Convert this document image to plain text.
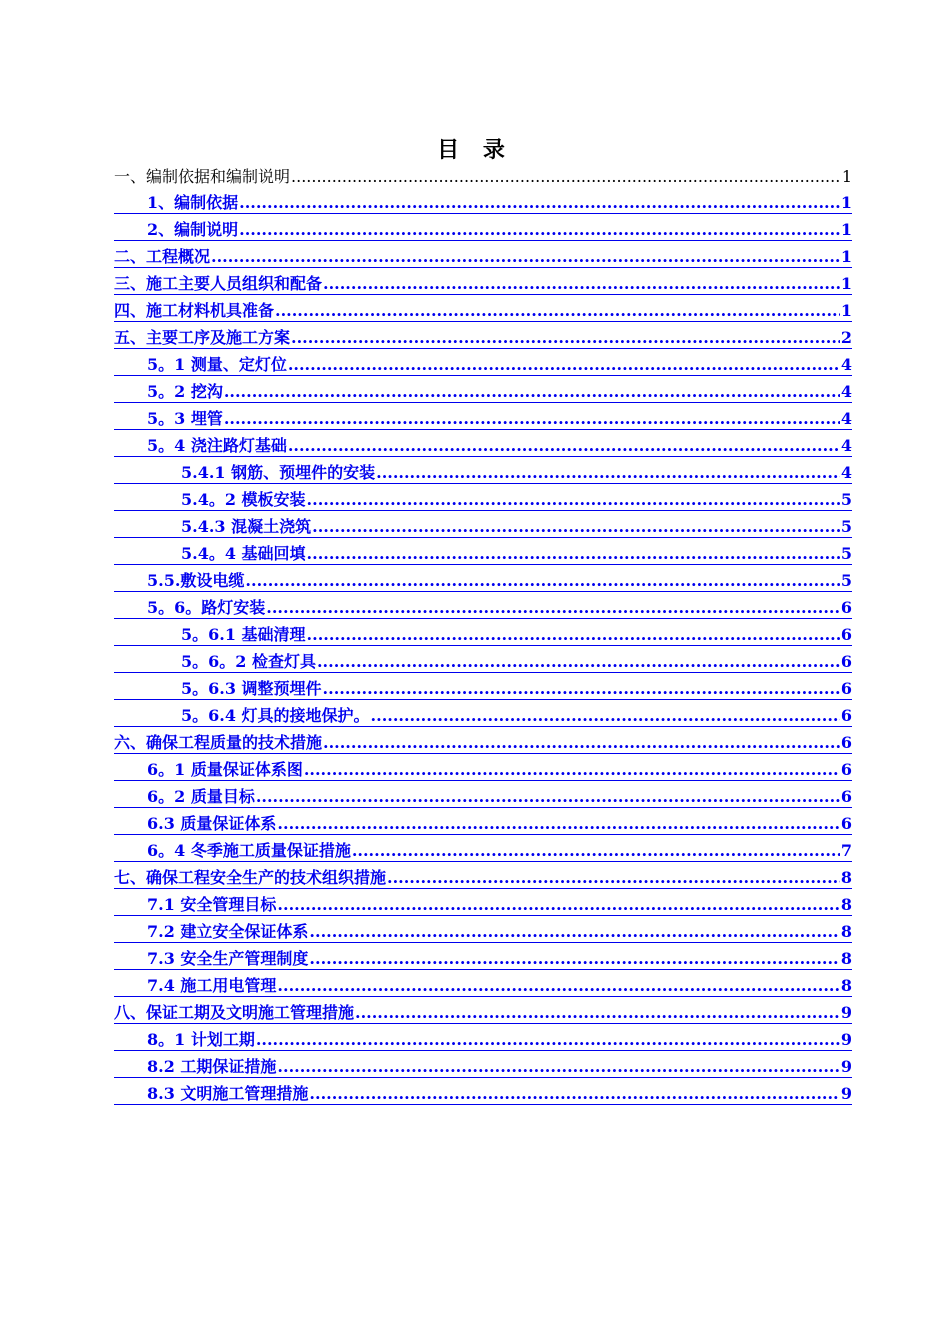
目 录
一、编制依据和编制说明 .....	1
1、编制依据 .....	1
2、编制说明 .....	1
二、工程概况 .....	1
三、施工主要人员组织和配备 .....	1
四、施工材料机具准备 .....	1
五、主要工序及施工方案 .....	2
5。1 测量、定灯位 .....	4
5。2 挖沟 .....	4
5。3 埋管 .....	4
5。4 浇注路灯基础 .....	4
5.4.1 钢筋、预埋件的安装 .....	4
5.4。2 模板安装 .....	5
5.4.3 混凝土浇筑 .....	5
5.4。4 基础回填 .....	5
5.5.敷设电缆 .....	5
5。6。路灯安装 .....	6
5。6.1 基础清理 .....	6
5。6。2 检查灯具 .....	6
5。6.3 调整预埋件 .....	6
5。6.4 灯具的接地保护。 .....	6
六、确保工程质量的技术措施 .....	6
6。1 质量保证体系图 .....	6
6。2 质量目标 .....	6
6.3 质量保证体系 .....	6
6。4 冬季施工质量保证措施 .....	7
七、确保工程安全生产的技术组织措施 .....	8
7.1 安全管理目标 .....	8
7.2 建立安全保证体系 .....	8
7.3 安全生产管理制度 .....	8
7.4 施工用电管理 .....	8
八、保证工期及文明施工管理措施 .....	9
8。1 计划工期 .....	9
8.2 工期保证措施 .....	9
8.3 文明施工管理措施 .....	9
